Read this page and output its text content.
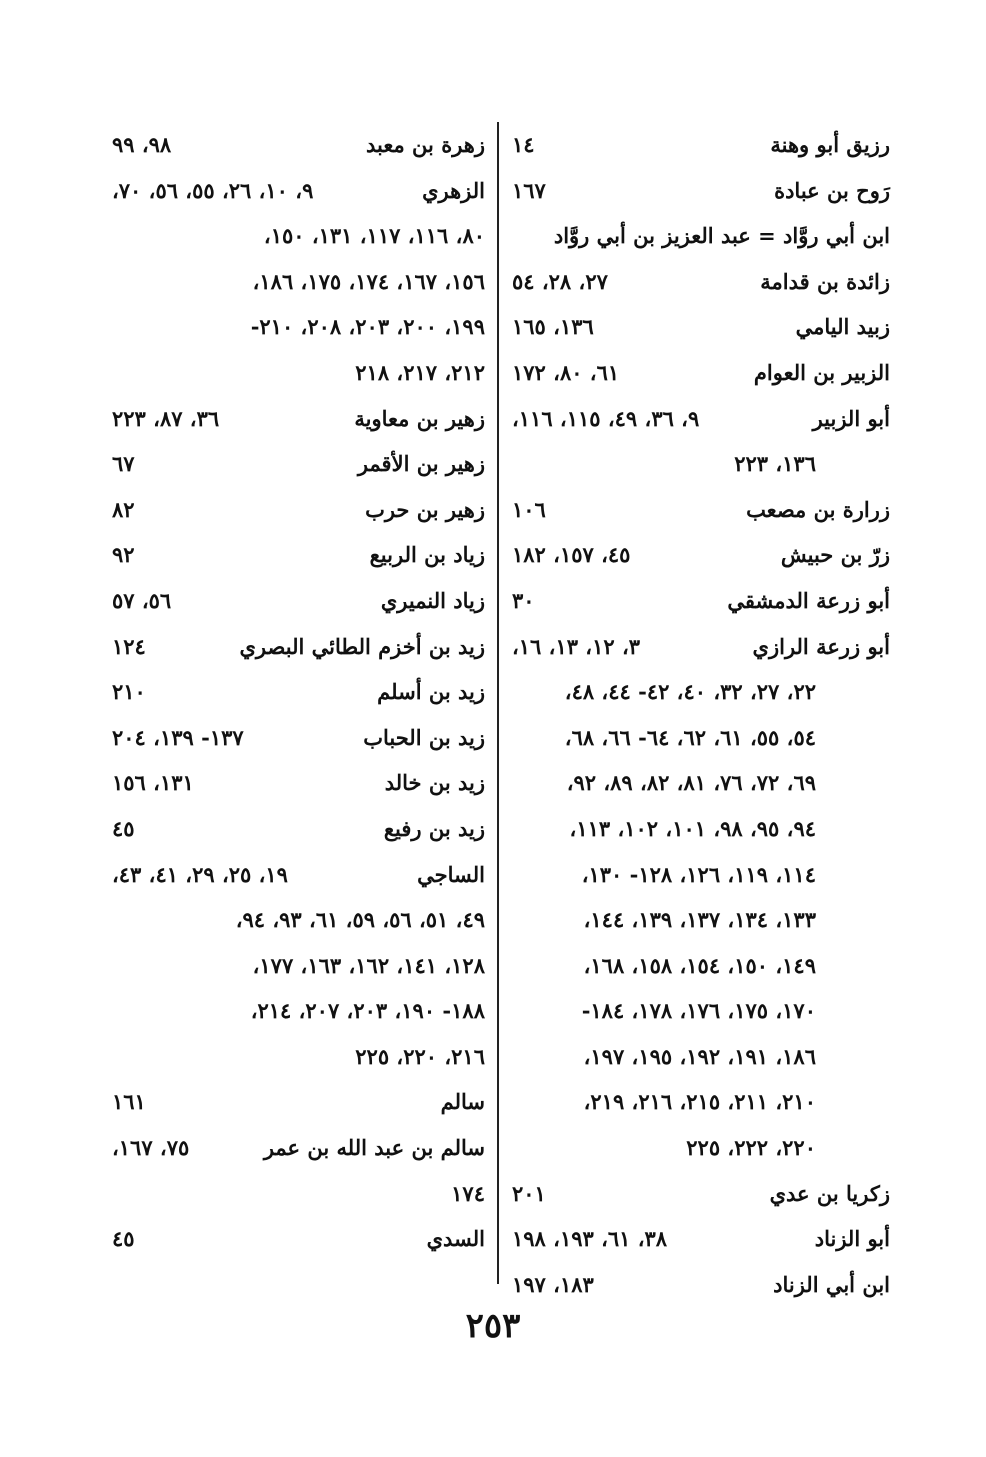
رزيق أبو وهنة
١٤
رَوح بن عبادة
١٦٧
ابن أبي روَّاد = عبد العزيز بن أبي روَّاد
زائدة بن قدامة
٢٧، ٢٨، ٥٤
زبيد اليامي
١٣٦، ١٦٥
الزبير بن العوام
٦١، ٨٠، ١٧٢
أبو الزبير
٩، ٣٦، ٤٩، ١١٥، ١١٦،
١٣٦، ٢٢٣
زرارة بن مصعب
١٠٦
زرّ بن حبيش
٤٥، ١٥٧، ١٨٢
أبو زرعة الدمشقي
٣٠
أبو زرعة الرازي
٣، ١٢، ١٣، ١٦،
٢٢، ٢٧، ٣٢، ٤٠، ٤٢- ٤٤، ٤٨،
٥٤، ٥٥، ٦١، ٦٢، ٦٤- ٦٦، ٦٨،
٦٩، ٧٢، ٧٦، ٨١، ٨٢، ٨٩، ٩٢،
٩٤، ٩٥، ٩٨، ١٠١، ١٠٢، ١١٣،
١١٤، ١١٩، ١٢٦، ١٢٨- ١٣٠،
١٣٣، ١٣٤، ١٣٧، ١٣٩، ١٤٤،
١٤٩، ١٥٠، ١٥٤، ١٥٨، ١٦٨،
١٧٠، ١٧٥، ١٧٦، ١٧٨، ١٨٤-
١٨٦، ١٩١، ١٩٢، ١٩٥، ١٩٧،
٢١٠، ٢١١، ٢١٥، ٢١٦، ٢١٩،
٢٢٠، ٢٢٢، ٢٢٥
زكريا بن عدي
٢٠١
أبو الزناد
٣٨، ٦١، ١٩٣، ١٩٨
ابن أبي الزناد
١٨٣، ١٩٧
زهرة بن معبد
٩٨، ٩٩
الزهري
٩، ١٠، ٢٦، ٥٥، ٥٦، ٧٠،
٨٠، ١١٦، ١١٧، ١٣١، ١٥٠،
١٥٦، ١٦٧، ١٧٤، ١٧٥، ١٨٦،
١٩٩، ٢٠٠، ٢٠٣، ٢٠٨، ٢١٠-
٢١٢، ٢١٧، ٢١٨
زهير بن معاوية
٣٦، ٨٧، ٢٢٣
زهير بن الأقمر
٦٧
زهير بن حرب
٨٢
زياد بن الربيع
٩٢
زياد النميري
٥٦، ٥٧
زيد بن أخزم الطائي البصري
١٢٤
زيد بن أسلم
٢١٠
زيد بن الحباب
١٣٧- ١٣٩، ٢٠٤
زيد بن خالد
١٣١، ١٥٦
زيد بن رفيع
٤٥
الساجي
١٩، ٢٥، ٢٩، ٤١، ٤٣،
٤٩، ٥١، ٥٦، ٥٩، ٦١، ٩٣، ٩٤،
١٢٨، ١٤١، ١٦٢، ١٦٣، ١٧٧،
١٨٨- ١٩٠، ٢٠٣، ٢٠٧، ٢١٤،
٢١٦، ٢٢٠، ٢٢٥
سالم
١٦١
سالم بن عبد الله بن عمر
٧٥، ١٦٧،
١٧٤
السدي
٤٥
٢٥٣
